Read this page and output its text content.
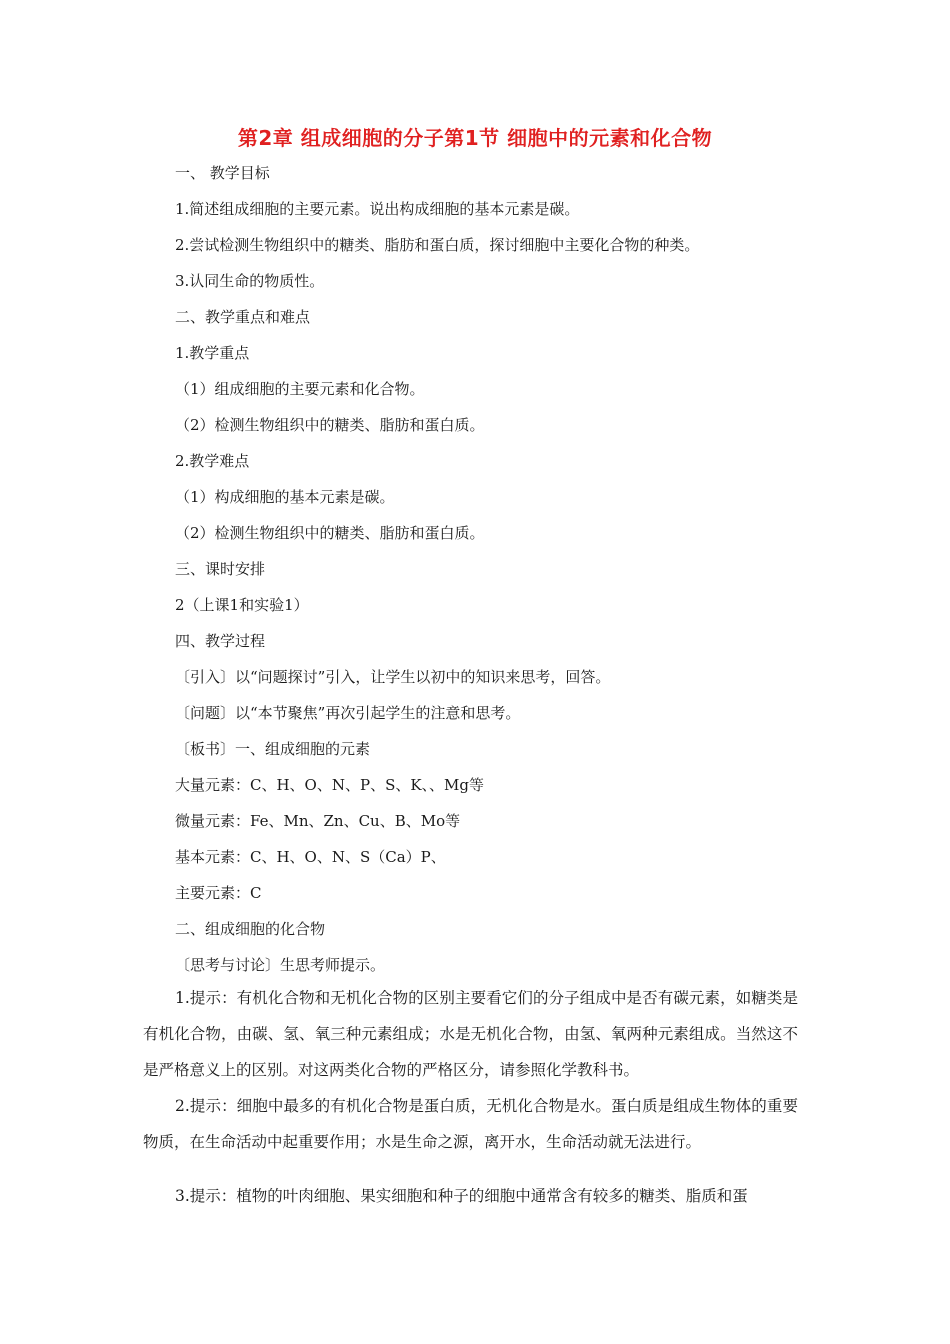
第2章 组成细胞的分子第1节 细胞中的元素和化合物
一、 教学目标
1.简述组成细胞的主要元素。说出构成细胞的基本元素是碳。
2.尝试检测生物组织中的糖类、脂肪和蛋白质，探讨细胞中主要化合物的种类。
3.认同生命的物质性。
二、教学重点和难点
1.教学重点
（1）组成细胞的主要元素和化合物。
（2）检测生物组织中的糖类、脂肪和蛋白质。
2.教学难点
（1）构成细胞的基本元素是碳。
（2）检测生物组织中的糖类、脂肪和蛋白质。
三、课时安排
2（上课1和实验1）
四、教学过程
〔引入〕以“问题探讨”引入，让学生以初中的知识来思考，回答。
〔问题〕以“本节聚焦”再次引起学生的注意和思考。
〔板书〕一、组成细胞的元素
大量元素：C、H、O、N、P、S、K、、Mg等
微量元素：Fe、Mn、Zn、Cu、B、Mo等
基本元素：C、H、O、N、S（Ca）P、
主要元素：C
二、组成细胞的化合物
〔思考与讨论〕生思考师提示。
1.提示：有机化合物和无机化合物的区别主要看它们的分子组成中是否有碳元素，如糖类是有机化合物，由碳、氢、氧三种元素组成；水是无机化合物，由氢、氧两种元素组成。当然这不是严格意义上的区别。对这两类化合物的严格区分，请参照化学教科书。
2.提示：细胞中最多的有机化合物是蛋白质，无机化合物是水。蛋白质是组成生物体的重要物质，在生命活动中起重要作用；水是生命之源，离开水，生命活动就无法进行。
3.提示：植物的叶肉细胞、果实细胞和种子的细胞中通常含有较多的糖类、脂质和蛋
